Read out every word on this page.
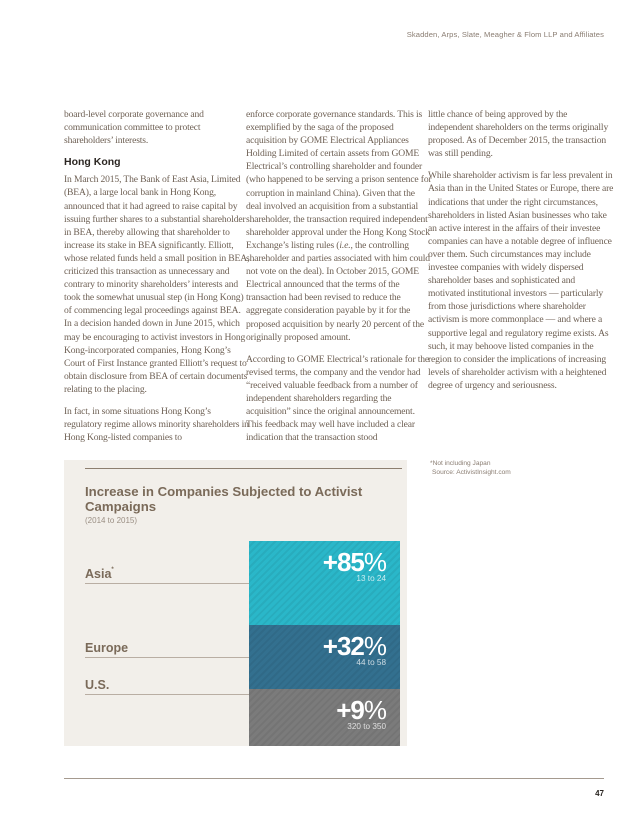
Skadden, Arps, Slate, Meagher & Flom LLP and Affiliates

board-level corporate governance and communication committee to protect shareholders’ interests.

Hong Kong

In March 2015, The Bank of East Asia, Limited (BEA), a large local bank in Hong Kong, announced that it had agreed to raise capital by issuing further shares to a substantial shareholder in BEA, thereby allowing that shareholder to increase its stake in BEA significantly. Elliott, whose related funds held a small position in BEA, criticized this transaction as unnecessary and contrary to minority shareholders’ interests and took the somewhat unusual step (in Hong Kong) of commencing legal proceedings against BEA. In a decision handed down in June 2015, which may be encouraging to activist investors in Hong Kong-incorporated companies, Hong Kong’s Court of First Instance granted Elliott’s request to obtain disclosure from BEA of certain documents relating to the placing.

In fact, in some situations Hong Kong’s regulatory regime allows minority shareholders in Hong Kong-listed companies to

enforce corporate governance standards. This is exemplified by the saga of the proposed acquisition by GOME Electrical Appliances Holding Limited of certain assets from GOME Electrical’s controlling shareholder and founder (who happened to be serving a prison sentence for corruption in mainland China). Given that the deal involved an acquisition from a substantial shareholder, the transaction required independent shareholder approval under the Hong Kong Stock Exchange’s listing rules (i.e., the controlling shareholder and parties associated with him could not vote on the deal). In October 2015, GOME Electrical announced that the terms of the transaction had been revised to reduce the aggregate consideration payable by it for the proposed acquisition by nearly 20 percent of the originally proposed amount.

According to GOME Electrical’s rationale for the revised terms, the company and the vendor had “received valuable feedback from a number of independent shareholders regarding the acquisition” since the original announcement. This feedback may well have included a clear indication that the transaction stood

little chance of being approved by the independent shareholders on the terms originally proposed. As of December 2015, the transaction was still pending.

While shareholder activism is far less prevalent in Asia than in the United States or Europe, there are indications that under the right circumstances, shareholders in listed Asian businesses who take an active interest in the affairs of their investee companies can have a notable degree of influence over them. Such circumstances may include investee companies with widely dispersed shareholder bases and sophisticated and motivated institutional investors — particularly from those jurisdictions where shareholder activism is more commonplace — and where a supportive legal and regulatory regime exists. As such, it may behoove listed companies in the region to consider the implications of increasing levels of shareholder activism with a heightened degree of urgency and seriousness.

*Not including Japan
Source: ActivistInsight.com
Increase in Companies Subjected to Activist Campaigns
(2014 to 2015)
Asia*	+85%
13 to 24
Europe	+32%
44 to 58
U.S.
+9%
320 to 350
47
